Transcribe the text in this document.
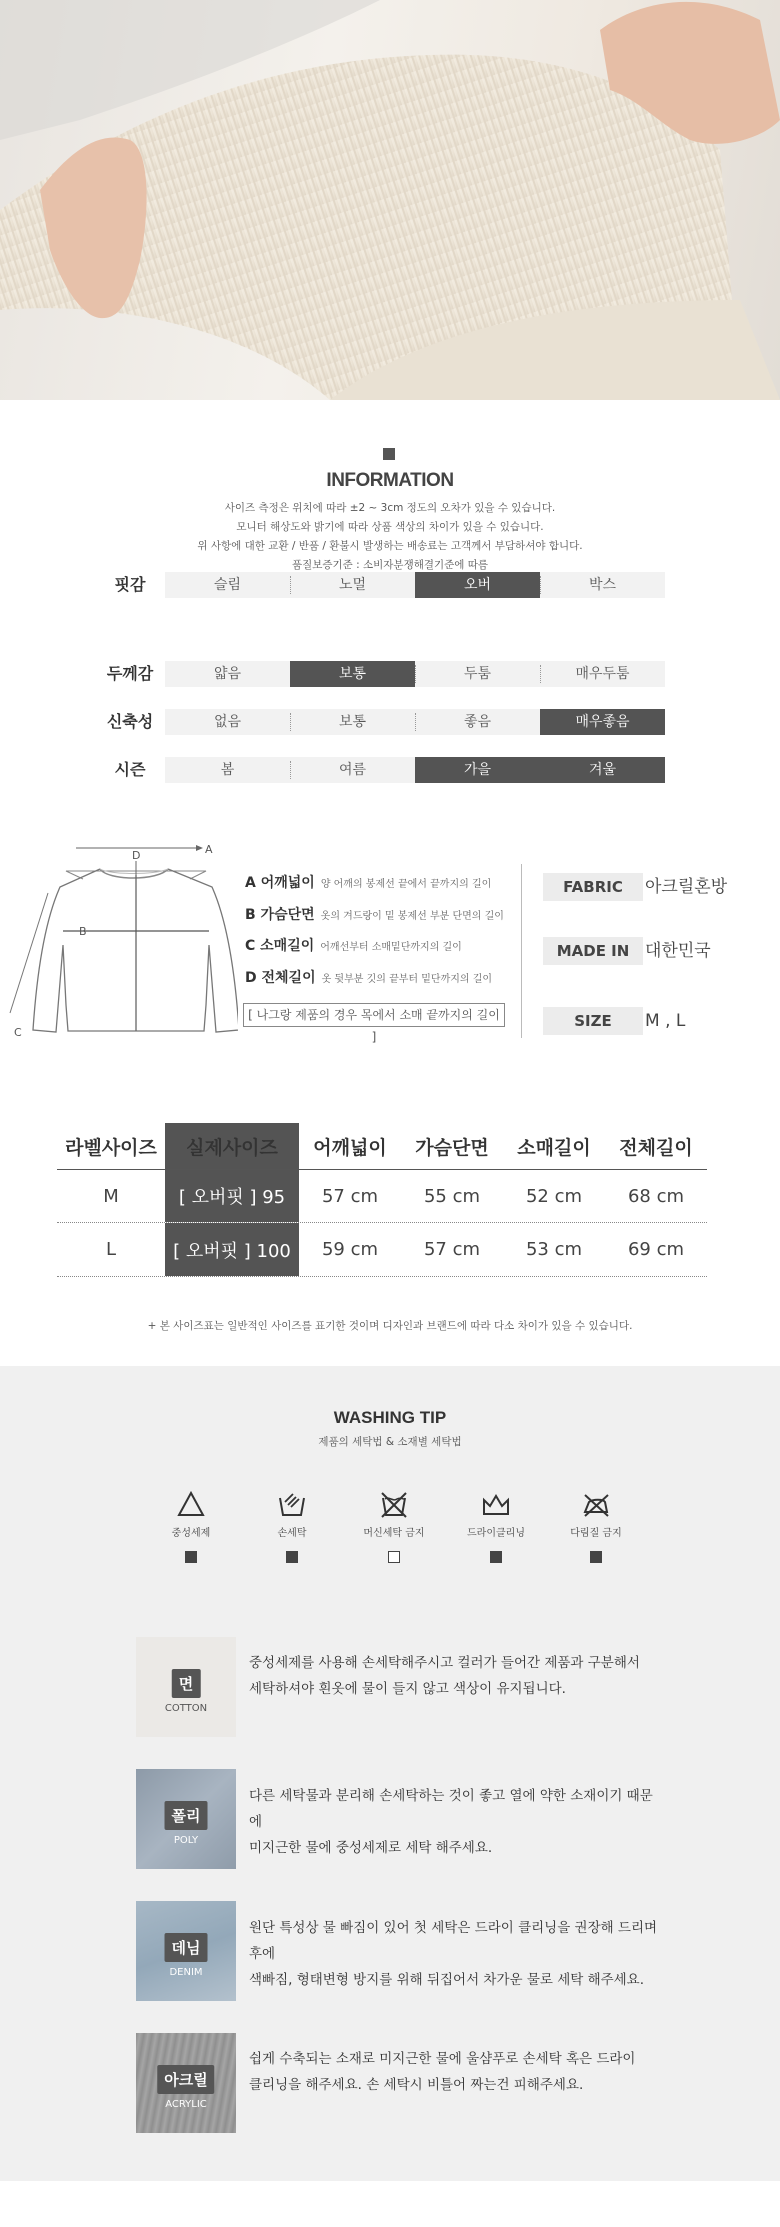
INFORMATION
사이즈 측정은 위치에 따라 ±2 ~ 3cm 정도의 오차가 있을 수 있습니다.
모니터 해상도와 밝기에 따라 상품 색상의 차이가 있을 수 있습니다.
위 사항에 대한 교환 / 반품 / 환불시 발생하는 배송료는 고객께서 부담하셔야 합니다.
품질보증기준 : 소비자분쟁해결기준에 따름
핏감	슬림	노멀	오버	박스
두께감	얇음	보통	두툼	매우두툼
신축성	없음	보통	좋음	매우좋음
시즌	봄	여름	가을	겨울
A
D
B
C
A 어깨넓이 양 어깨의 봉제선 끝에서 끝까지의 길이
B 가슴단면 옷의 겨드랑이 밑 봉제선 부분 단면의 길이
C 소매길이 어깨선부터 소매밑단까지의 길이
D 전체길이 옷 뒷부분 깃의 끝부터 밑단까지의 길이
[ 나그랑 제품의 경우 목에서 소매 끝까지의 길이 ]
FABRIC	아크릴혼방
MADE IN 대한민국
SIZE	M , L
라벨사이즈	실제사이즈	어깨넓이	가슴단면	소매길이	전체길이
M	[ 오버핏 ] 95	57 cm	55 cm	52 cm	68 cm
L	[ 오버핏 ] 100	59 cm	57 cm	53 cm	69 cm
+ 본 사이즈표는 일반적인 사이즈를 표기한 것이며 디자인과 브랜드에 따라 다소 차이가 있을 수 있습니다.
WASHING TIP
제품의 세탁법 & 소재별 세탁법
중성세제	손세탁	머신세탁 금지	드라이클리닝	다림질 금지
면
COTTON
중성세제를 사용해 손세탁해주시고 컬러가 들어간 제품과 구분해서
세탁하셔야 흰옷에 물이 들지 않고 색상이 유지됩니다.
폴리
POLY
다른 세탁물과 분리해 손세탁하는 것이 좋고 열에 약한 소재이기 때문에
미지근한 물에 중성세제로 세탁 해주세요.
데님
DENIM
원단 특성상 물 빠짐이 있어 첫 세탁은 드라이 클리닝을 권장해 드리며 후에
색빠짐, 형태변형 방지를 위해 뒤집어서 차가운 물로 세탁 해주세요.
아크릴
ACRYLIC
쉽게 수축되는 소재로 미지근한 물에 울샴푸로 손세탁 혹은 드라이
클리닝을 해주세요. 손 세탁시 비틀어 짜는건 피해주세요.
